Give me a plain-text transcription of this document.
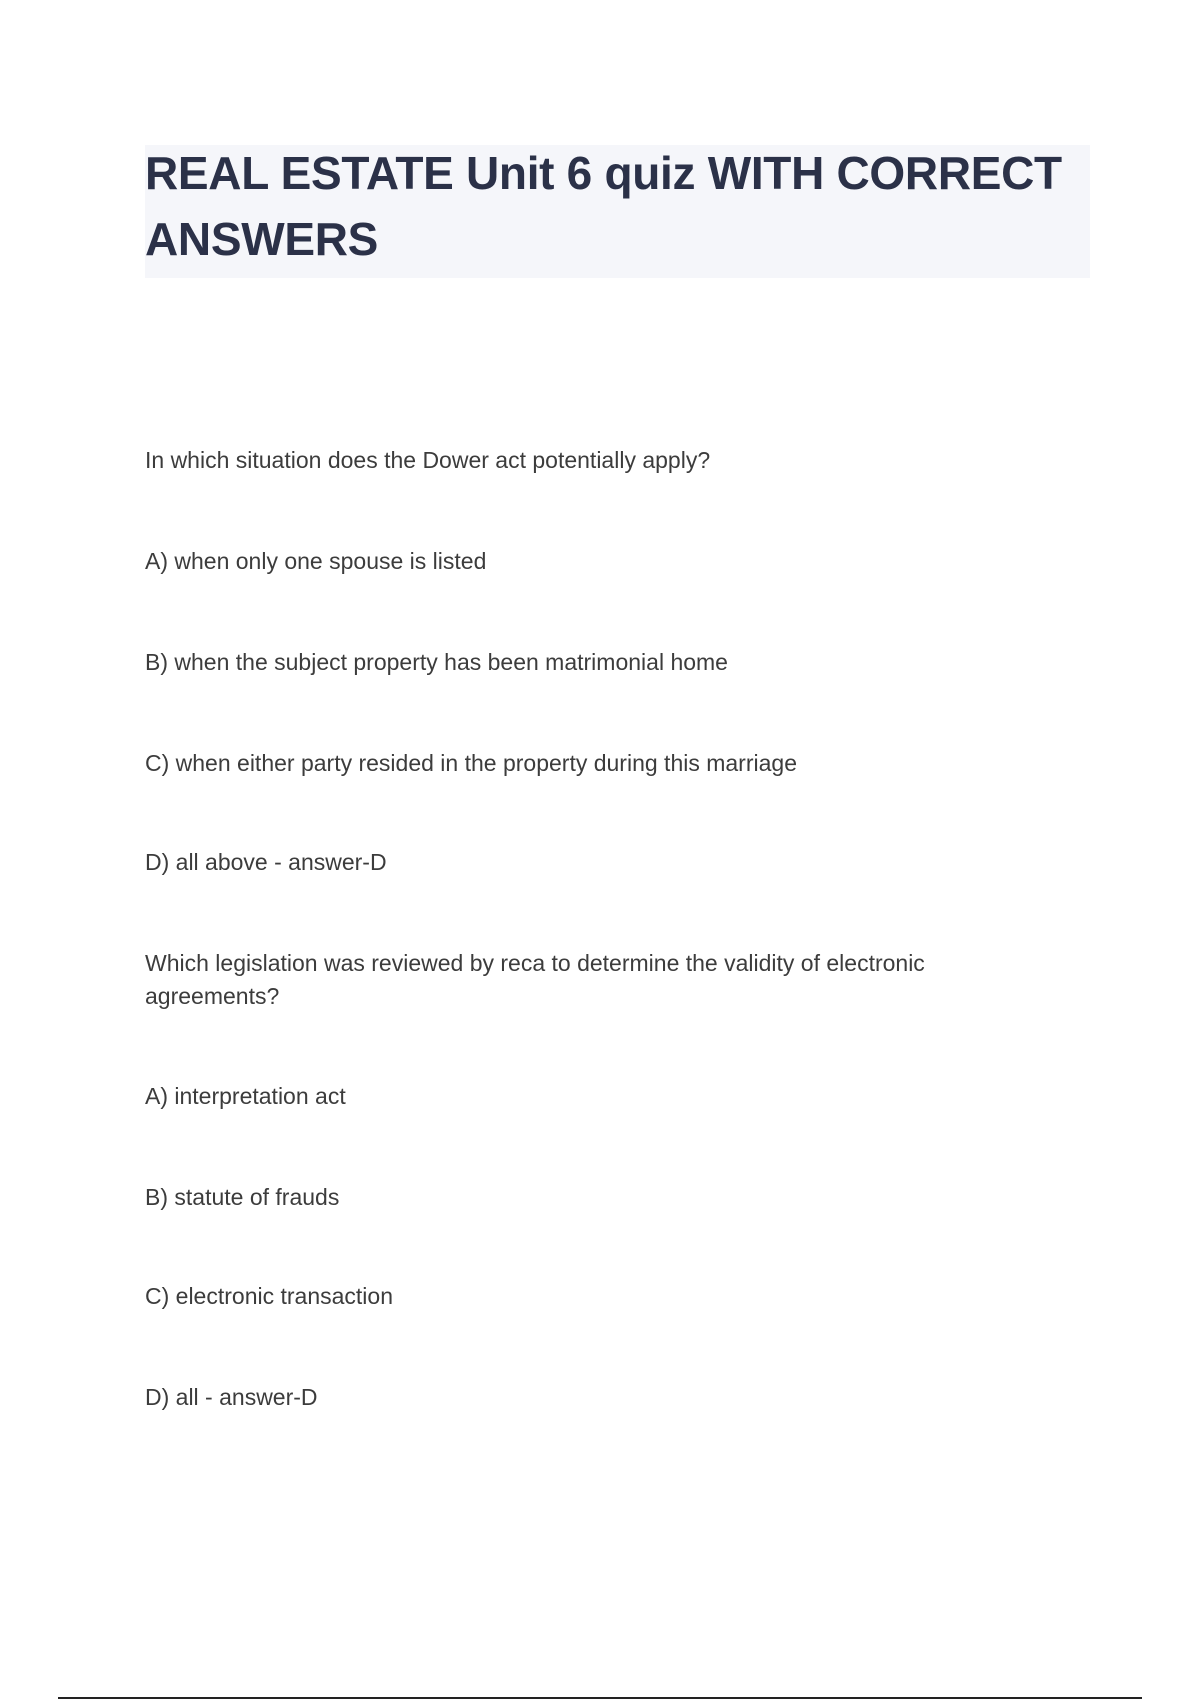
REAL ESTATE Unit 6 quiz WITH CORRECT ANSWERS

In which situation does the Dower act potentially apply?

A) when only one spouse is listed

B) when the subject property has been matrimonial home

C) when either party resided in the property during this marriage

D) all above - answer-D

Which legislation was reviewed by reca to determine the validity of electronic agreements?

A) interpretation act

B) statute of frauds

C) electronic transaction

D) all - answer-D
